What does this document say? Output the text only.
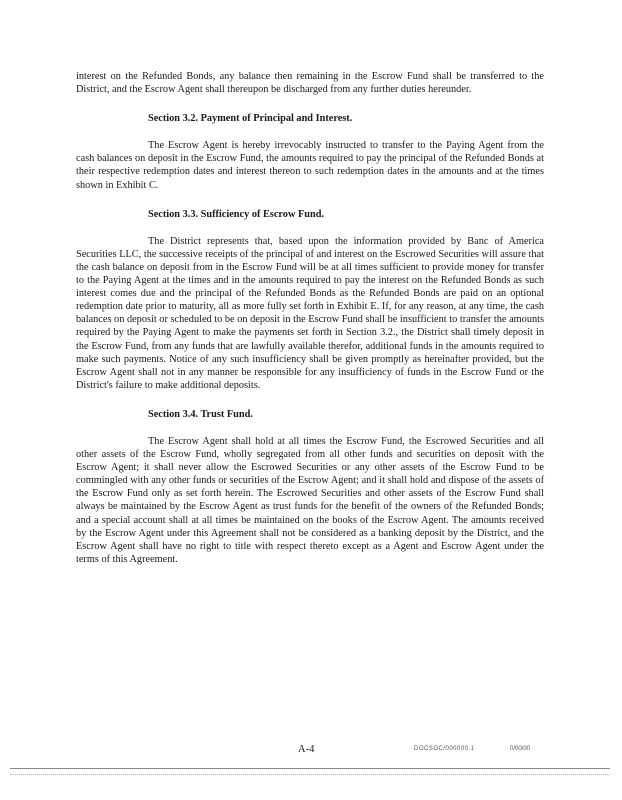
interest on the Refunded Bonds, any balance then remaining in the Escrow Fund shall be transferred to the District, and the Escrow Agent shall thereupon be discharged from any further duties hereunder.

Section 3.2. Payment of Principal and Interest.

The Escrow Agent is hereby irrevocably instructed to transfer to the Paying Agent from the cash balances on deposit in the Escrow Fund, the amounts required to pay the principal of the Refunded Bonds at their respective redemption dates and interest thereon to such redemption dates in the amounts and at the times shown in Exhibit C.

Section 3.3. Sufficiency of Escrow Fund.

The District represents that, based upon the information provided by Banc of America Securities LLC, the successive receipts of the principal of and interest on the Escrowed Securities will assure that the cash balance on deposit from in the Escrow Fund will be at all times sufficient to provide money for transfer to the Paying Agent at the times and in the amounts required to pay the interest on the Refunded Bonds as such interest comes due and the principal of the Refunded Bonds as the Refunded Bonds are paid on an optional redemption date prior to maturity, all as more fully set forth in Exhibit E. If, for any reason, at any time, the cash balances on deposit or scheduled to be on deposit in the Escrow Fund shall be insufficient to transfer the amounts required by the Paying Agent to make the payments set forth in Section 3.2., the District shall timely deposit in the Escrow Fund, from any funds that are lawfully available therefor, additional funds in the amounts required to make such payments. Notice of any such insufficiency shall be given promptly as hereinafter provided, but the Escrow Agent shall not in any manner be responsible for any insufficiency of funds in the Escrow Fund or the District's failure to make additional deposits.

Section 3.4. Trust Fund.

The Escrow Agent shall hold at all times the Escrow Fund, the Escrowed Securities and all other assets of the Escrow Fund, wholly segregated from all other funds and securities on deposit with the Escrow Agent; it shall never allow the Escrowed Securities or any other assets of the Escrow Fund to be commingled with any other funds or securities of the Escrow Agent; and it shall hold and dispose of the assets of the Escrow Fund only as set forth herein. The Escrowed Securities and other assets of the Escrow Fund shall always be maintained by the Escrow Agent as trust funds for the benefit of the owners of the Refunded Bonds; and a special account shall at all times be maintained on the books of the Escrow Agent. The amounts received by the Escrow Agent under this Agreement shall not be considered as a banking deposit by the District, and the Escrow Agent shall have no right to title with respect thereto except as a Agent and Escrow Agent under the terms of this Agreement.

A-4	DOCSOC/000000.1	0/00/00
